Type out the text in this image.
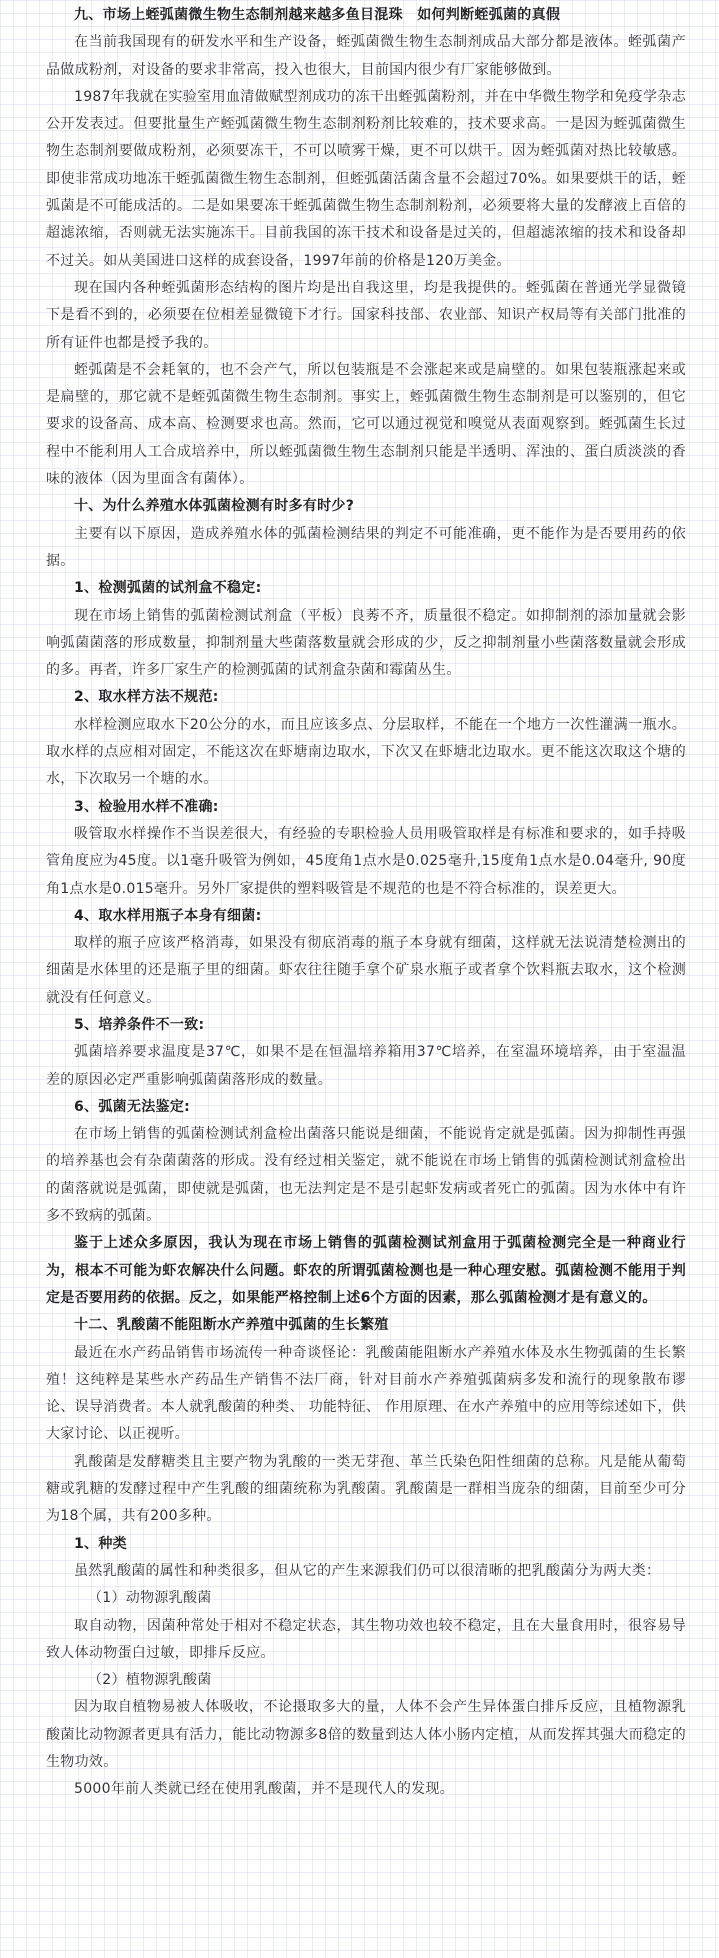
九、市场上蛭弧菌微生物生态制剂越来越多鱼目混珠　如何判断蛭弧菌的真假

在当前我国现有的研发水平和生产设备，蛭弧菌微生物生态制剂成品大部分都是液体。蛭弧菌产品做成粉剂，对设备的要求非常高，投入也很大，目前国内很少有厂家能够做到。

1987年我就在实验室用血清做赋型剂成功的冻干出蛭弧菌粉剂，并在中华微生物学和免疫学杂志公开发表过。但要批量生产蛭弧菌微生物生态制剂粉剂比较难的，技术要求高。一是因为蛭弧菌微生物生态制剂要做成粉剂，必须要冻干，不可以喷雾干燥，更不可以烘干。因为蛭弧菌对热比较敏感。即使非常成功地冻干蛭弧菌微生物生态制剂，但蛭弧菌活菌含量不会超过70%。如果要烘干的话，蛭弧菌是不可能成活的。二是如果要冻干蛭弧菌微生物生态制剂粉剂，必须要将大量的发酵液上百倍的超滤浓缩，否则就无法实施冻干。目前我国的冻干技术和设备是过关的，但超滤浓缩的技术和设备却不过关。如从美国进口这样的成套设备，1997年前的价格是120万美金。

现在国内各种蛭弧菌形态结构的图片均是出自我这里，均是我提供的。蛭弧菌在普通光学显微镜下是看不到的，必须要在位相差显微镜下才行。国家科技部、农业部、知识产权局等有关部门批准的所有证件也都是授予我的。

蛭弧菌是不会耗氧的，也不会产气，所以包装瓶是不会涨起来或是扁壁的。如果包装瓶涨起来或是扁壁的，那它就不是蛭弧菌微生物生态制剂。事实上，蛭弧菌微生物生态制剂是可以鉴别的，但它要求的设备高、成本高、检测要求也高。然而，它可以通过视觉和嗅觉从表面观察到。蛭弧菌生长过程中不能利用人工合成培养中，所以蛭弧菌微生物生态制剂只能是半透明、浑浊的、蛋白质淡淡的香味的液体（因为里面含有菌体）。

十、为什么养殖水体弧菌检测有时多有时少?

主要有以下原因，造成养殖水体的弧菌检测结果的判定不可能准确，更不能作为是否要用药的依据。

1、检测弧菌的试剂盒不稳定:

现在市场上销售的弧菌检测试剂盒（平板）良莠不齐，质量很不稳定。如抑制剂的添加量就会影响弧菌菌落的形成数量，抑制剂量大些菌落数量就会形成的少，反之抑制剂量小些菌落数量就会形成的多。再者，许多厂家生产的检测弧菌的试剂盒杂菌和霉菌丛生。

2、取水样方法不规范:

水样检测应取水下20公分的水，而且应该多点、分层取样，不能在一个地方一次性灌满一瓶水。取水样的点应相对固定，不能这次在虾塘南边取水，下次又在虾塘北边取水。更不能这次取这个塘的水，下次取另一个塘的水。

3、检验用水样不准确:

吸管取水样操作不当误差很大，有经验的专职检验人员用吸管取样是有标准和要求的，如手持吸管角度应为45度。以1毫升吸管为例如，45度角1点水是0.025毫升,15度角1点水是0.04毫升, 90度角1点水是0.015毫升。另外厂家提供的塑料吸管是不规范的也是不符合标准的，误差更大。

4、取水样用瓶子本身有细菌:

取样的瓶子应该严格消毒，如果没有彻底消毒的瓶子本身就有细菌，这样就无法说清楚检测出的细菌是水体里的还是瓶子里的细菌。虾农往往随手拿个矿泉水瓶子或者拿个饮料瓶去取水，这个检测就没有任何意义。

5、培养条件不一致:

弧菌培养要求温度是37℃，如果不是在恒温培养箱用37℃培养，在室温环境培养，由于室温温差的原因必定严重影响弧菌菌落形成的数量。

6、弧菌无法鉴定:

在市场上销售的弧菌检测试剂盒检出菌落只能说是细菌，不能说肯定就是弧菌。因为抑制性再强的培养基也会有杂菌菌落的形成。没有经过相关鉴定，就不能说在市场上销售的弧菌检测试剂盒检出的菌落就说是弧菌，即使就是弧菌，也无法判定是不是引起虾发病或者死亡的弧菌。因为水体中有许多不致病的弧菌。

鉴于上述众多原因，我认为现在市场上销售的弧菌检测试剂盒用于弧菌检测完全是一种商业行为，根本不可能为虾农解决什么问题。虾农的所谓弧菌检测也是一种心理安慰。弧菌检测不能用于判定是否要用药的依据。反之，如果能严格控制上述6个方面的因素，那么弧菌检测才是有意义的。

十二、乳酸菌不能阻断水产养殖中弧菌的生长繁殖

最近在水产药品销售市场流传一种奇谈怪论：乳酸菌能阻断水产养殖水体及水生物弧菌的生长繁殖！这纯粹是某些水产药品生产销售不法厂商，针对目前水产养殖弧菌病多发和流行的现象散布谬论、误导消费者。本人就乳酸菌的种类、 功能特征、 作用原理、在水产养殖中的应用等综述如下，供大家讨论、以正视听。

乳酸菌是发酵糖类且主要产物为乳酸的一类无芽孢、革兰氏染色阳性细菌的总称。凡是能从葡萄糖或乳糖的发酵过程中产生乳酸的细菌统称为乳酸菌。乳酸菌是一群相当庞杂的细菌，目前至少可分为18个属，共有200多种。

1、种类

虽然乳酸菌的属性和种类很多，但从它的产生来源我们仍可以很清晰的把乳酸菌分为两大类：

（1）动物源乳酸菌

取自动物，因菌种常处于相对不稳定状态，其生物功效也较不稳定，且在大量食用时，很容易导致人体动物蛋白过敏，即排斥反应。

（2）植物源乳酸菌

因为取自植物易被人体吸收，不论摄取多大的量，人体不会产生异体蛋白排斥反应，且植物源乳酸菌比动物源者更具有活力，能比动物源多8倍的数量到达人体小肠内定植，从而发挥其强大而稳定的生物功效。

5000年前人类就已经在使用乳酸菌，并不是现代人的发现。
